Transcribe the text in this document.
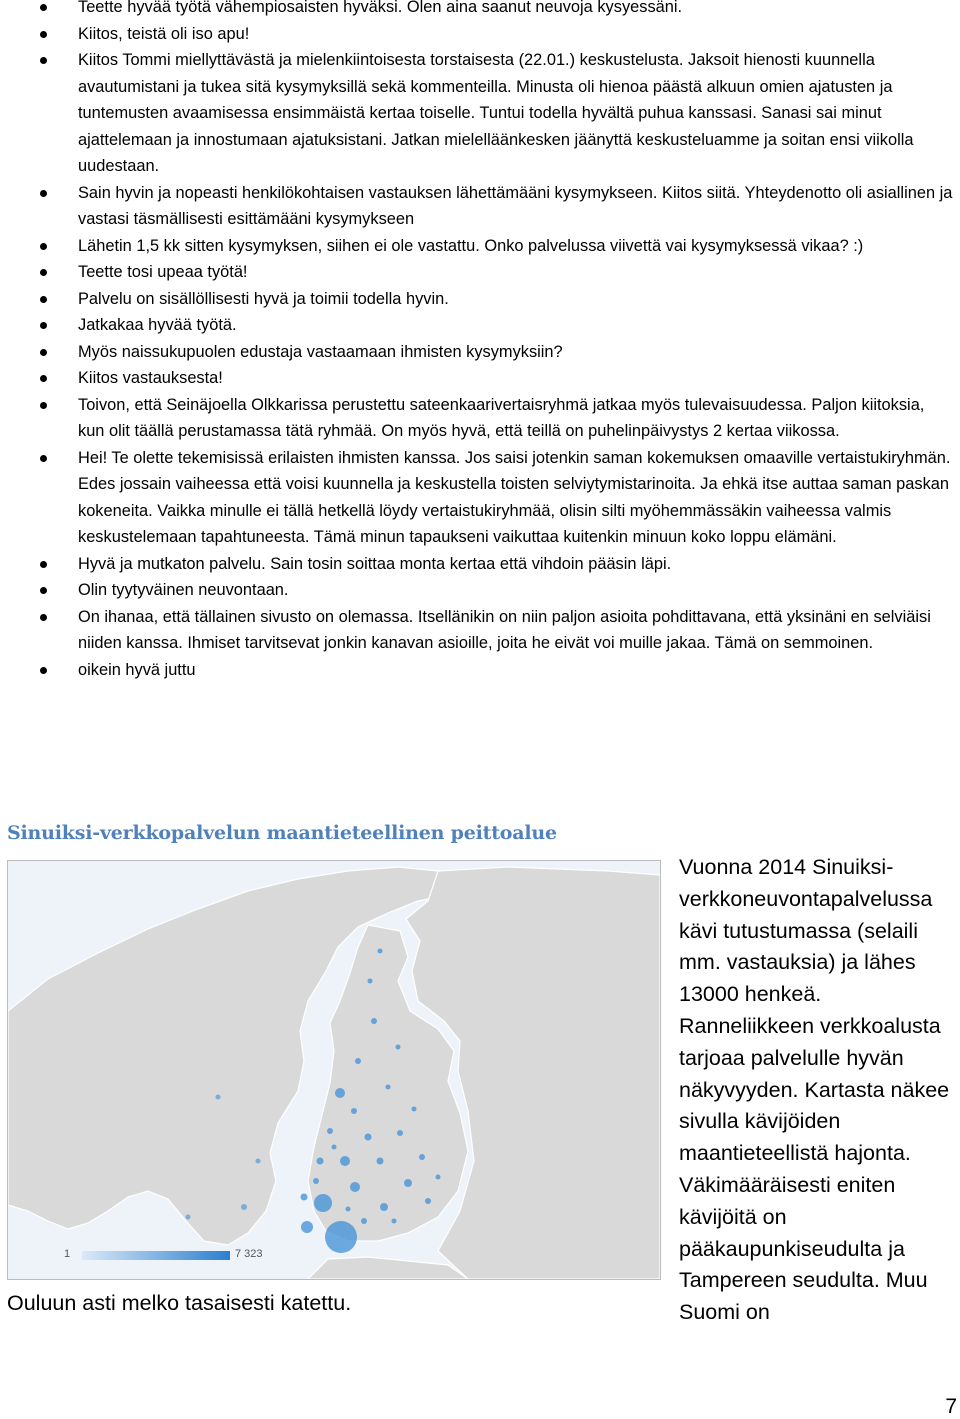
Teette hyvää työtä vähempiosaisten hyväksi. Olen aina saanut neuvoja kysyessäni.
Kiitos, teistä oli iso apu!
Kiitos Tommi miellyttävästä ja mielenkiintoisesta torstaisesta (22.01.) keskustelusta. Jaksoit hienosti kuunnella avautumistani ja tukea sitä kysymyksillä sekä kommenteilla. Minusta oli hienoa päästä alkuun omien ajatusten ja tuntemusten avaamisessa ensimmäistä kertaa toiselle. Tuntui todella hyvältä puhua kanssasi. Sanasi sai minut ajattelemaan ja innostumaan ajatuksistani. Jatkan mielelläänkesken jäänyttä keskusteluamme ja soitan ensi viikolla uudestaan.
Sain hyvin ja nopeasti henkilökohtaisen vastauksen lähettämääni kysymykseen. Kiitos siitä. Yhteydenotto oli asiallinen ja vastasi täsmällisesti esittämääni kysymykseen
Lähetin 1,5 kk sitten kysymyksen, siihen ei ole vastattu. Onko palvelussa viivettä vai kysymyksessä vikaa? :)
Teette tosi upeaa työtä!
Palvelu on sisällöllisesti hyvä ja toimii todella hyvin.
Jatkakaa hyvää työtä.
Myös naissukupuolen edustaja vastaamaan ihmisten kysymyksiin?
Kiitos vastauksesta!
Toivon, että Seinäjoella Olkkarissa perustettu sateenkaarivertaisryhmä jatkaa myös tulevaisuudessa. Paljon kiitoksia, kun olit täällä perustamassa tätä ryhmää. On myös hyvä, että teillä on puhelinpäivystys 2 kertaa viikossa.
Hei! Te olette tekemisissä erilaisten ihmisten kanssa. Jos saisi jotenkin saman kokemuksen omaaville vertaistukiryhmän. Edes jossain vaiheessa että voisi kuunnella ja keskustella toisten selviytymistarinoita. Ja ehkä itse auttaa saman paskan kokeneita. Vaikka minulle ei tällä hetkellä löydy vertaistukiryhmää, olisin silti myöhemmässäkin vaiheessa valmis keskustelemaan tapahtuneesta. Tämä minun tapaukseni vaikuttaa kuitenkin minuun koko loppu elämäni.
Hyvä ja mutkaton palvelu. Sain tosin soittaa monta kertaa että vihdoin pääsin läpi.
Olin tyytyväinen neuvontaan.
On ihanaa, että tällainen sivusto on olemassa. Itsellänikin on niin paljon asioita pohdittavana, että yksinäni en selviäisi niiden kanssa. Ihmiset tarvitsevat jonkin kanavan asioille, joita he eivät voi muille jakaa. Tämä on semmoinen.
oikein hyvä juttu
Sinuiksi-verkkopalvelun maantieteellinen peittoalue
1	7 323

Vuonna 2014 Sinuiksi-verkkoneuvontapalvelussa kävi tutustumassa (selaili mm. vastauksia) ja lähes 13000 henkeä. Ranneliikkeen verkkoalusta tarjoaa palvelulle hyvän näkyvyyden. Kartasta näkee sivulla kävijöiden maantieteellistä hajonta. Väkimääräisesti eniten kävijöitä on pääkaupunkiseudulta ja Tampereen seudulta. Muu Suomi on

Ouluun asti melko tasaisesti katettu.

7
